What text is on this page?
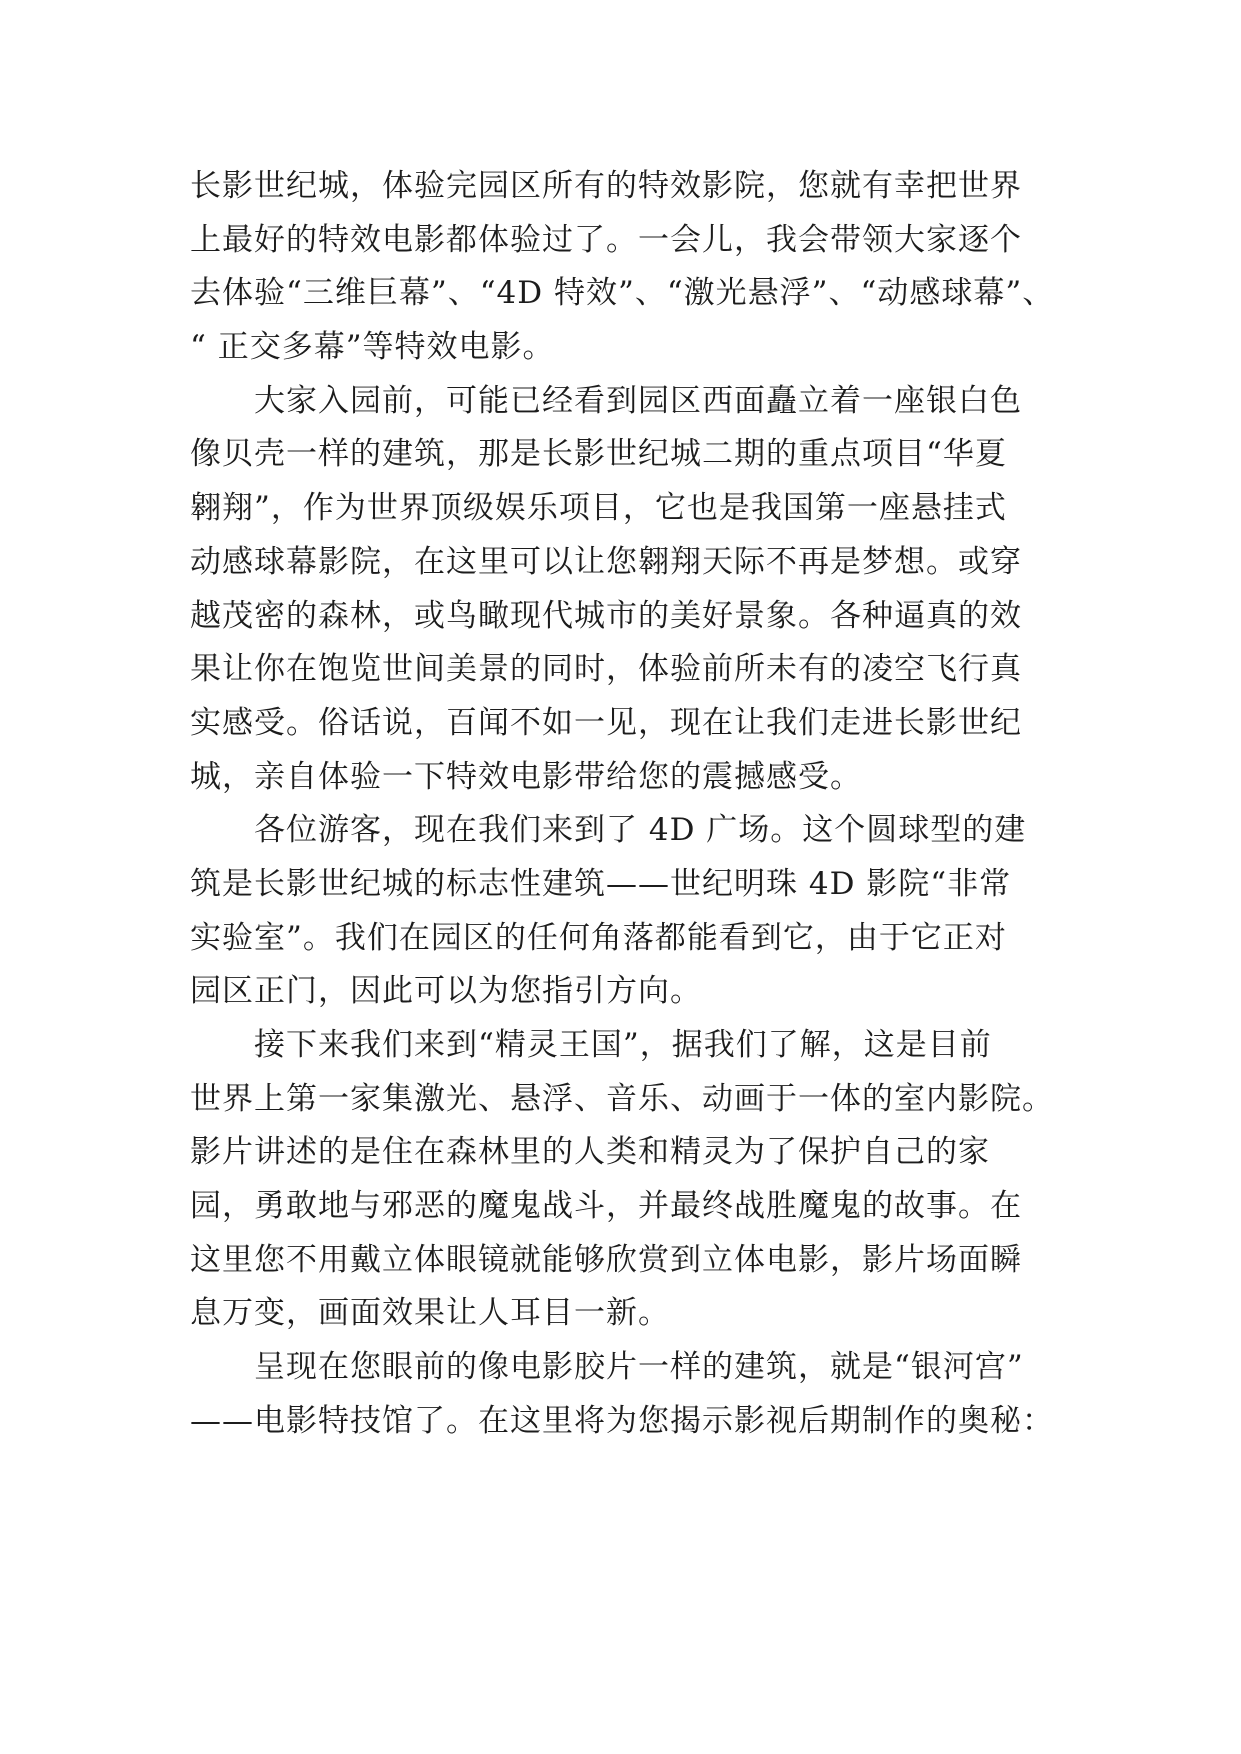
长影世纪城，体验完园区所有的特效影院，您就有幸把世界
上最好的特效电影都体验过了。一会儿，我会带领大家逐个
去体验“三维巨幕”、“4D 特效”、“激光悬浮”、“动感球幕”、
“ 正交多幕”等特效电影。
大家入园前，可能已经看到园区西面矗立着一座银白色
像贝壳一样的建筑，那是长影世纪城二期的重点项目“华夏
翱翔”，作为世界顶级娱乐项目，它也是我国第一座悬挂式
动感球幕影院，在这里可以让您翱翔天际不再是梦想。或穿
越茂密的森林，或鸟瞰现代城市的美好景象。各种逼真的效
果让你在饱览世间美景的同时，体验前所未有的凌空飞行真
实感受。俗话说，百闻不如一见，现在让我们走进长影世纪
城，亲自体验一下特效电影带给您的震撼感受。
各位游客，现在我们来到了 4D 广场。这个圆球型的建
筑是长影世纪城的标志性建筑——世纪明珠 4D 影院“非常
实验室”。我们在园区的任何角落都能看到它，由于它正对
园区正门，因此可以为您指引方向。
接下来我们来到“精灵王国”，据我们了解，这是目前
世界上第一家集激光、悬浮、音乐、动画于一体的室内影院。
影片讲述的是住在森林里的人类和精灵为了保护自己的家
园，勇敢地与邪恶的魔鬼战斗，并最终战胜魔鬼的故事。在
这里您不用戴立体眼镜就能够欣赏到立体电影，影片场面瞬
息万变，画面效果让人耳目一新。
呈现在您眼前的像电影胶片一样的建筑，就是“银河宫”
——电影特技馆了。在这里将为您揭示影视后期制作的奥秘：
